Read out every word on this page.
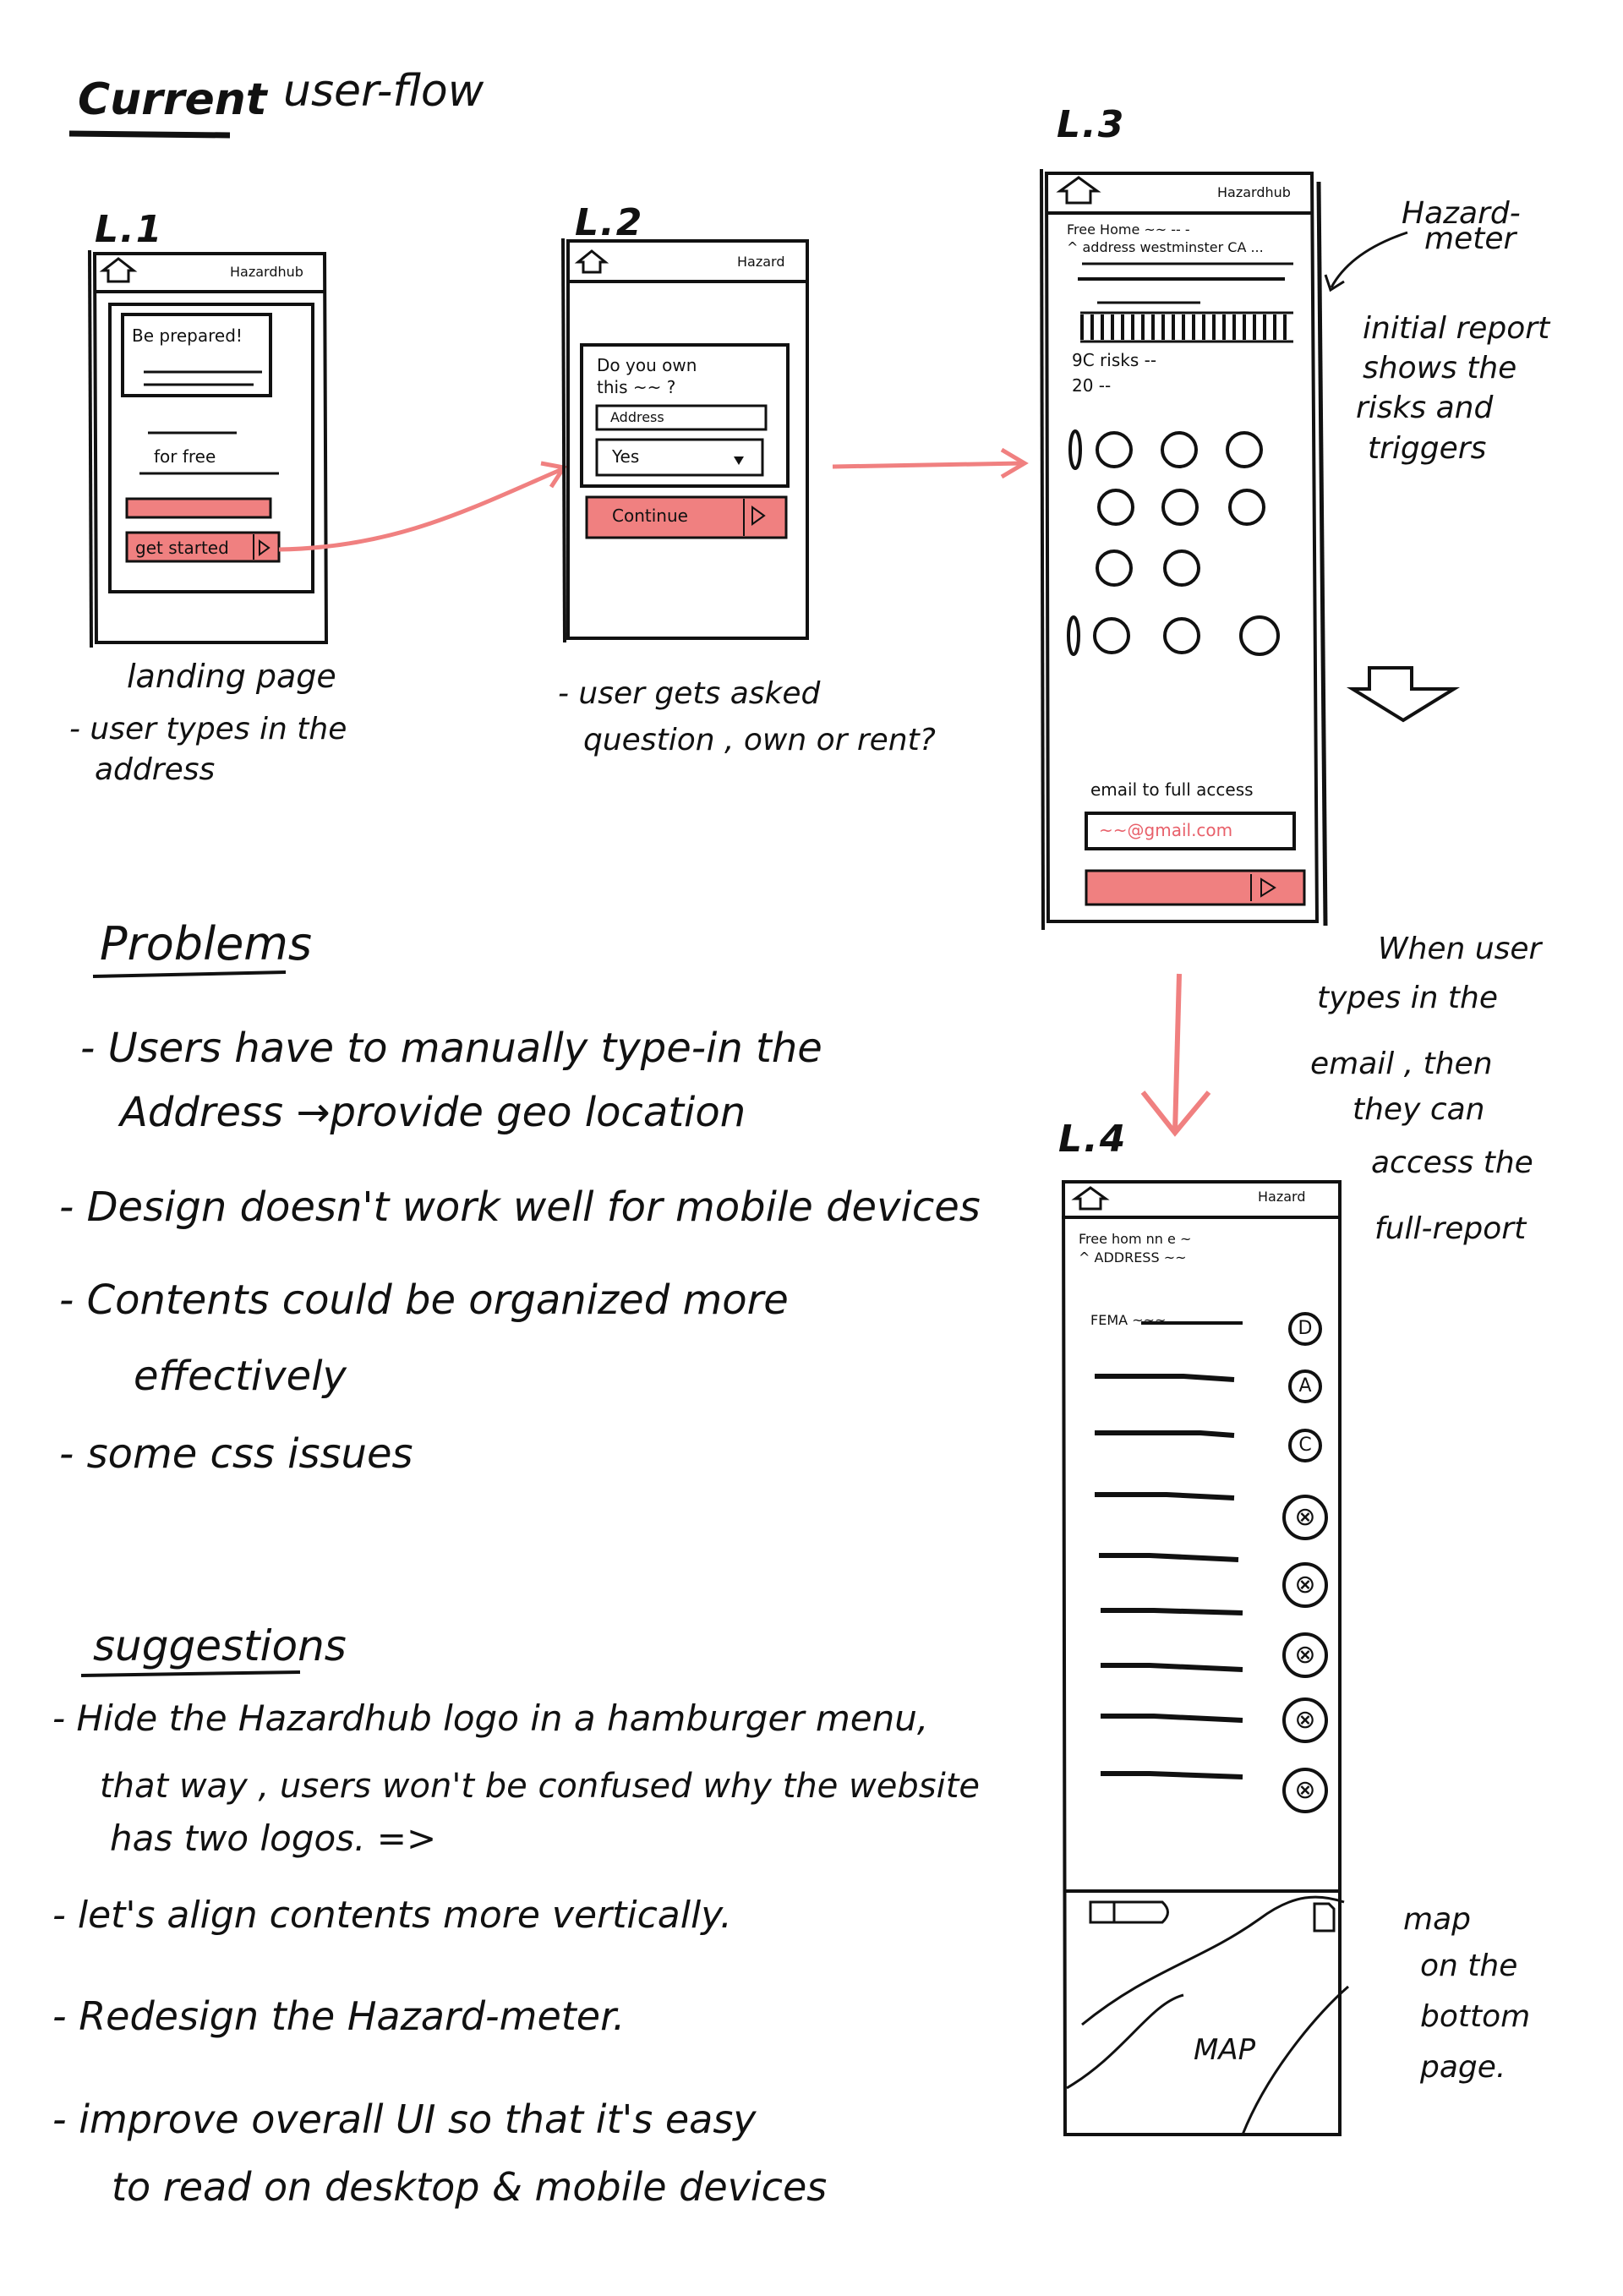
Current user-flow
L.1
Hazardhub
Be prepared!
for free
get started
landing page
- user types in the
address
L.2
Hazard
Do you own
this ~~ ?
Address
Yes
Continue
- user gets asked
question , own or rent?
L.3
Hazardhub
Free Home ~~ -- -
^ address westminster CA ...
9C risks --
20 --
email to full access
~~@gmail.com
Hazard-
meter
initial report
shows the
risks and
triggers
When user
types in the
email , then
they can
access the
full-report
L.4
Hazard
Free hom nn e ~
^ ADDRESS ~~
FEMA ~~~	D
A
C
⊗
⊗
⊗
⊗
⊗
MAP
map
on the
bottom
page.
Problems
- Users have to manually type-in the
Address →provide geo location
- Design doesn't work well for mobile devices
- Contents could be organized more
effectively
- some css issues
suggestions
- Hide the Hazardhub logo in a hamburger menu,
that way , users won't be confused why the website
has two logos. =>
- let's align contents more vertically.
- Redesign the Hazard-meter.
- improve overall UI so that it's easy
to read on desktop & mobile devices
